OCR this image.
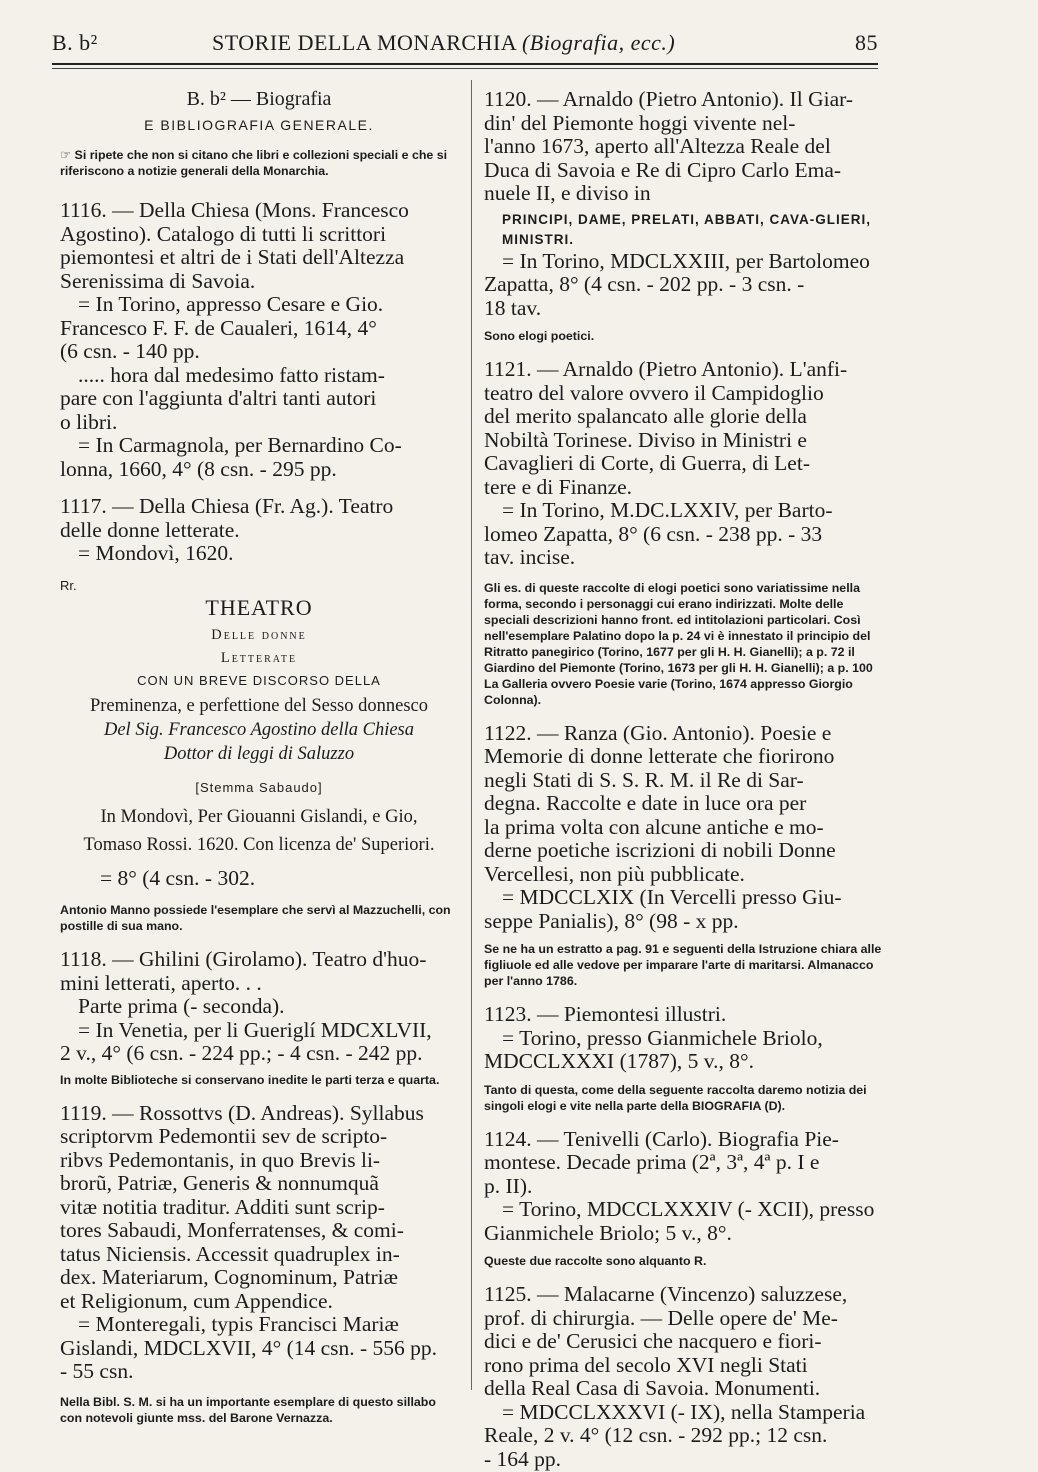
B. b²	STORIE DELLA MONARCHIA (Biografia, ecc.)	85
B. b² — Biografia
E BIBLIOGRAFIA GENERALE.
☞ Si ripete che non si citano che libri e collezioni speciali e che si riferiscono a notizie generali della Monarchia.
1116. — Della Chiesa (Mons. Francesco
Agostino). Catalogo di tutti li scrittori
piemontesi et altri de i Stati dell'Altezza
Serenissima di Savoia.
= In Torino, appresso Cesare e Gio.
Francesco F. F. de Caualeri, 1614, 4°
(6 csn. - 140 pp.
..... hora dal medesimo fatto ristam-
pare con l'aggiunta d'altri tanti autori
o libri.
= In Carmagnola, per Bernardino Co-
lonna, 1660, 4° (8 csn. - 295 pp.
1117. — Della Chiesa (Fr. Ag.). Teatro
delle donne letterate.
= Mondovì, 1620.
Rr.
THEATRO
Delle donne
Letterate
CON UN BREVE DISCORSO DELLA
Preminenza, e perfettione del Sesso donnesco
Del Sig. Francesco Agostino della Chiesa
Dottor di leggi di Saluzzo
[Stemma Sabaudo]
In Mondovì, Per Giouanni Gislandi, e Gio,
Tomaso Rossi. 1620. Con licenza de' Superiori.
= 8° (4 csn. - 302.
Antonio Manno possiede l'esemplare che servì al Mazzuchelli, con postille di sua mano.
1118. — Ghilini (Girolamo). Teatro d'huo-
mini letterati, aperto. . .
Parte prima (- seconda).
= In Venetia, per li Gueriglí MDCXLVII,
2 v., 4° (6 csn. - 224 pp.; - 4 csn. - 242 pp.
In molte Biblioteche si conservano inedite le parti terza e quarta.
1119. — Rossottvs (D. Andreas). Syllabus
scriptorvm Pedemontii sev de scripto-
ribvs Pedemontanis, in quo Brevis li-
brorũ, Patriæ, Generis & nonnumquã
vitæ notitia traditur. Additi sunt scrip-
tores Sabaudi, Monferratenses, & comi-
tatus Niciensis. Accessit quadruplex in-
dex. Materiarum, Cognominum, Patriæ
et Religionum, cum Appendice.
= Monteregali, typis Francisci Mariæ
Gislandi, MDCLXVII, 4° (14 csn. - 556 pp.
- 55 csn.
Nella Bibl. S. M. si ha un importante esemplare di questo sillabo con notevoli giunte mss. del Barone Vernazza.
1120. — Arnaldo (Pietro Antonio). Il Giar-
din' del Piemonte hoggi vivente nel-
l'anno 1673, aperto all'Altezza Reale del
Duca di Savoia e Re di Cipro Carlo Ema-
nuele II, e diviso in
PRINCIPI, DAME, PRELATI, ABBATI, CAVA-GLIERI, MINISTRI.
= In Torino, MDCLXXIII, per Bartolomeo
Zapatta, 8° (4 csn. - 202 pp. - 3 csn. -
18 tav.
Sono elogi poetici.
1121. — Arnaldo (Pietro Antonio). L'anfi-
teatro del valore ovvero il Campidoglio
del merito spalancato alle glorie della
Nobiltà Torinese. Diviso in Ministri e
Cavaglieri di Corte, di Guerra, di Let-
tere e di Finanze.
= In Torino, M.DC.LXXIV, per Barto-
lomeo Zapatta, 8° (6 csn. - 238 pp. - 33
tav. incise.
Gli es. di queste raccolte di elogi poetici sono variatissime nella forma, secondo i personaggi cui erano indirizzati. Molte delle speciali descrizioni hanno front. ed intitolazioni particolari. Così nell'esemplare Palatino dopo la p. 24 vi è innestato il principio del Ritratto panegirico (Torino, 1677 per gli H. H. Gianelli); a p. 72 il Giardino del Piemonte (Torino, 1673 per gli H. H. Gianelli); a p. 100 La Galleria ovvero Poesie varie (Torino, 1674 appresso Giorgio Colonna).
1122. — Ranza (Gio. Antonio). Poesie e
Memorie di donne letterate che fiorirono
negli Stati di S. S. R. M. il Re di Sar-
degna. Raccolte e date in luce ora per
la prima volta con alcune antiche e mo-
derne poetiche iscrizioni di nobili Donne
Vercellesi, non più pubblicate.
= MDCCLXIX (In Vercelli presso Giu-
seppe Panialis), 8° (98 - x pp.
Se ne ha un estratto a pag. 91 e seguenti della Istruzione chiara alle figliuole ed alle vedove per imparare l'arte di maritarsi. Almanacco per l'anno 1786.
1123. — Piemontesi illustri.
= Torino, presso Gianmichele Briolo,
MDCCLXXXI (1787), 5 v., 8°.
Tanto di questa, come della seguente raccolta daremo notizia dei singoli elogi e vite nella parte della BIOGRAFIA (D).
1124. — Tenivelli (Carlo). Biografia Pie-
montese. Decade prima (2ª, 3ª, 4ª p. I e
p. II).
= Torino, MDCCLXXXIV (- XCII), presso
Gianmichele Briolo; 5 v., 8°.
Queste due raccolte sono alquanto R.
1125. — Malacarne (Vincenzo) saluzzese,
prof. di chirurgia. — Delle opere de' Me-
dici e de' Cerusici che nacquero e fiori-
rono prima del secolo XVI negli Stati
della Real Casa di Savoia. Monumenti.
= MDCCLXXXVI (- IX), nella Stamperia
Reale, 2 v. 4° (12 csn. - 292 pp.; 12 csn.
- 164 pp.
